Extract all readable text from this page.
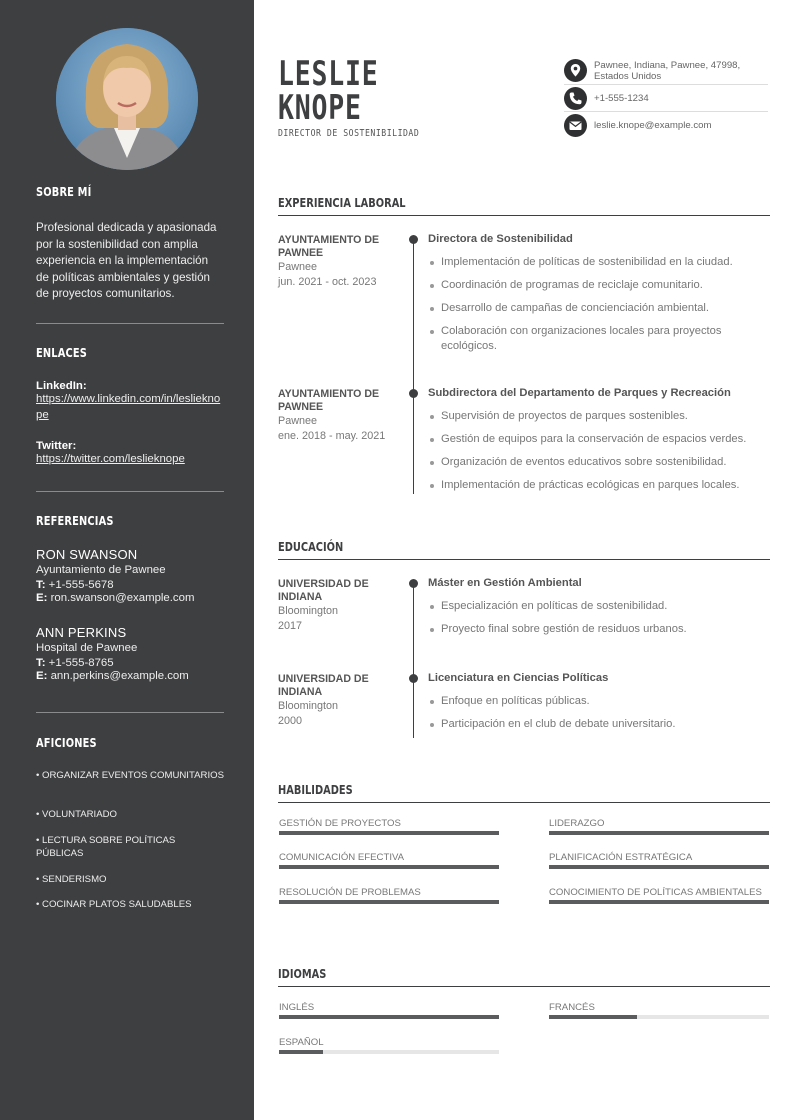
SOBRE MÍ
Profesional dedicada y apasionada por la sostenibilidad con amplia experiencia en la implementación de políticas ambientales y gestión de proyectos comunitarios.
ENLACES
LinkedIn:
https://www.linkedin.com/in/leslieknope
Twitter:
https://twitter.com/leslieknope
REFERENCIAS
RON SWANSON
Ayuntamiento de Pawnee
T: +1-555-5678
E: ron.swanson@example.com
ANN PERKINS
Hospital de Pawnee
T: +1-555-8765
E: ann.perkins@example.com
AFICIONES
• ORGANIZAR EVENTOS COMUNITARIOS
• VOLUNTARIADO
• LECTURA SOBRE POLÍTICAS PÚBLICAS
• SENDERISMO
• COCINAR PLATOS SALUDABLES
LESLIE
KNOPE
DIRECTOR DE SOSTENIBILIDAD
Pawnee, Indiana, Pawnee, 47998,
Estados Unidos
+1-555-1234
leslie.knope@example.com
EXPERIENCIA LABORAL
AYUNTAMIENTO DE PAWNEE
Pawnee
jun. 2021 - oct. 2023
Directora de Sostenibilidad
Implementación de políticas de sostenibilidad en la ciudad.
Coordinación de programas de reciclaje comunitario.
Desarrollo de campañas de concienciación ambiental.
Colaboración con organizaciones locales para proyectos ecológicos.
AYUNTAMIENTO DE PAWNEE
Pawnee
ene. 2018 - may. 2021
Subdirectora del Departamento de Parques y Recreación
Supervisión de proyectos de parques sostenibles.
Gestión de equipos para la conservación de espacios verdes.
Organización de eventos educativos sobre sostenibilidad.
Implementación de prácticas ecológicas en parques locales.
EDUCACIÓN
UNIVERSIDAD DE INDIANA
Bloomington
2017
Máster en Gestión Ambiental
Especialización en políticas de sostenibilidad.
Proyecto final sobre gestión de residuos urbanos.
UNIVERSIDAD DE INDIANA
Bloomington
2000
Licenciatura en Ciencias Políticas
Enfoque en políticas públicas.
Participación en el club de debate universitario.
HABILIDADES
GESTIÓN DE PROYECTOS	LIDERAZGO
COMUNICACIÓN EFECTIVA	PLANIFICACIÓN ESTRATÉGICA
RESOLUCIÓN DE PROBLEMAS	CONOCIMIENTO DE POLÍTICAS AMBIENTALES
IDIOMAS
INGLÉS	FRANCÉS
ESPAÑOL
